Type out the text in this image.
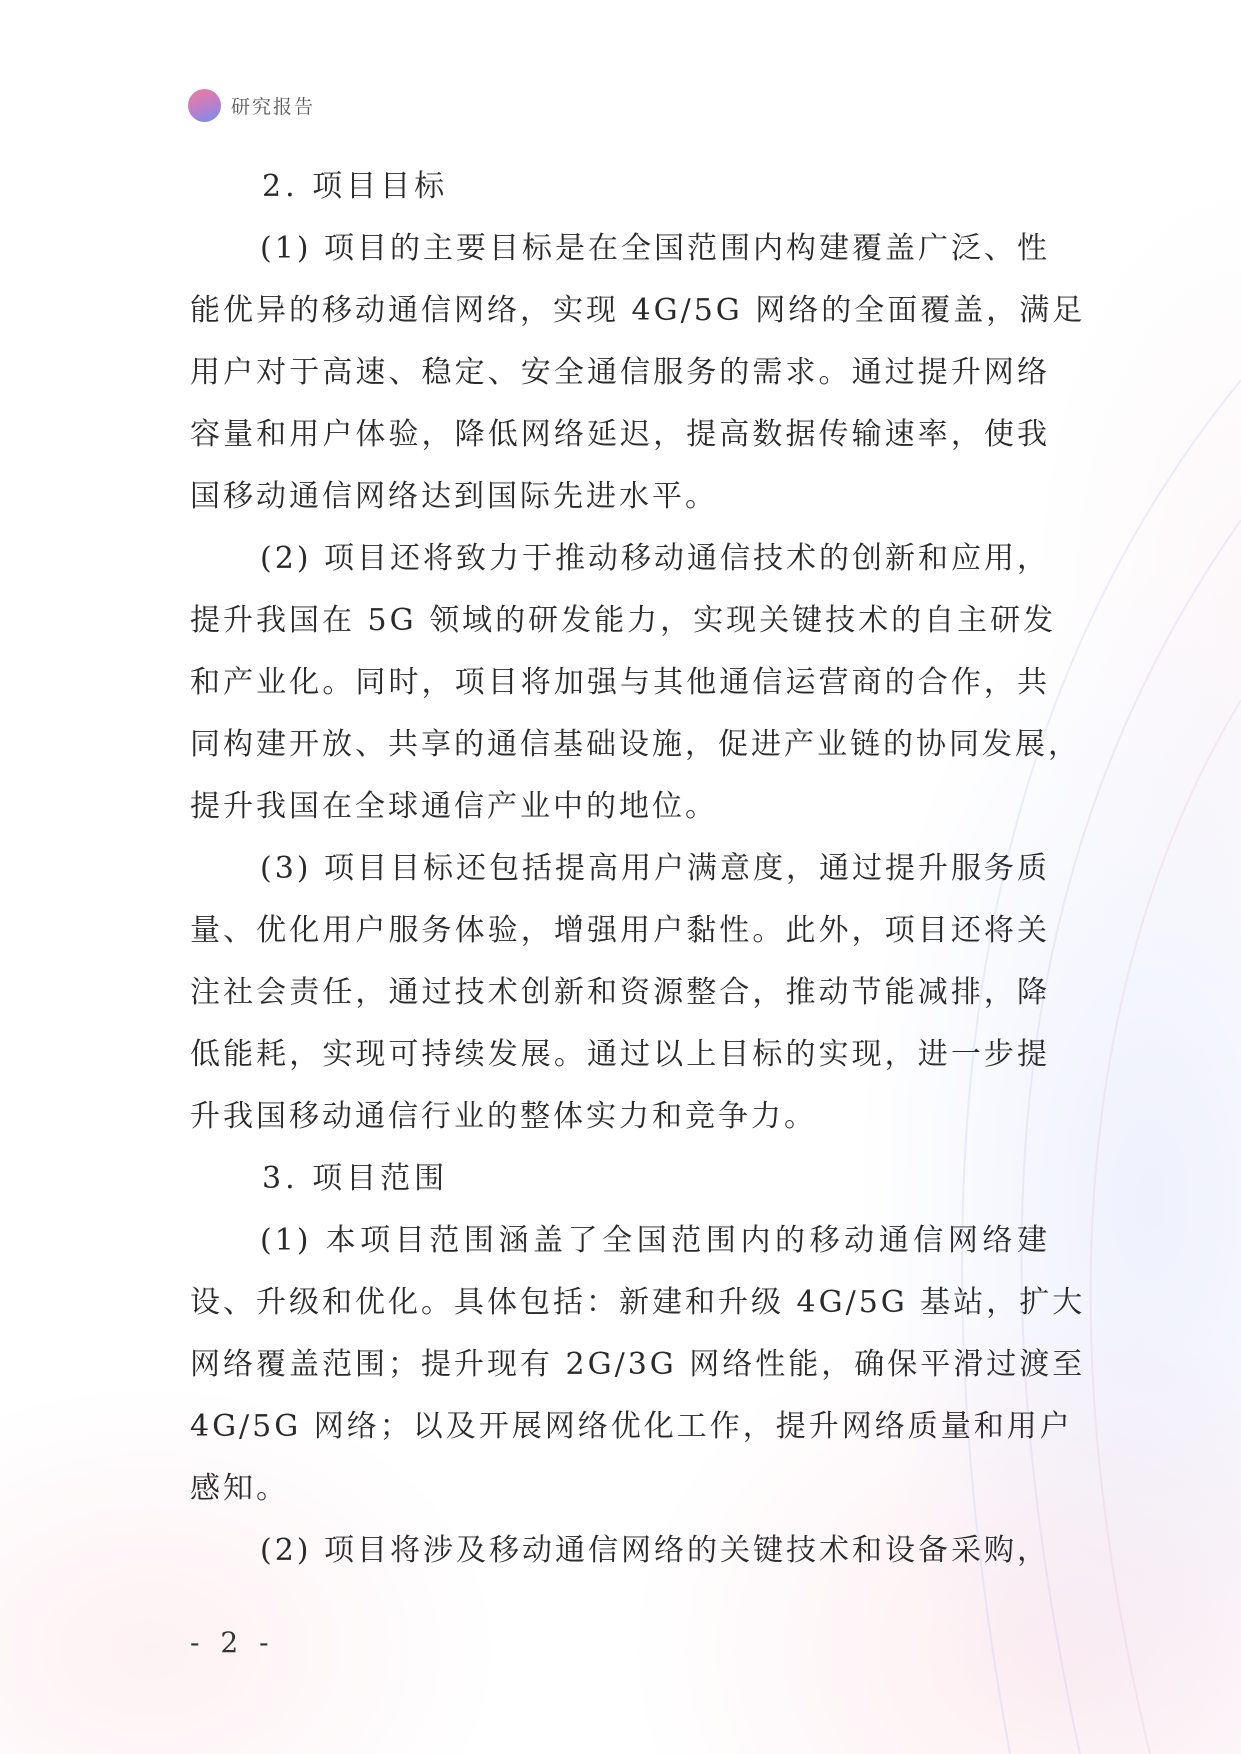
研究报告
2. 项目目标
(1) 项目的主要目标是在全国范围内构建覆盖广泛、性
能优异的移动通信网络，实现 4G/5G 网络的全面覆盖，满足
用户对于高速、稳定、安全通信服务的需求。通过提升网络
容量和用户体验，降低网络延迟，提高数据传输速率，使我
国移动通信网络达到国际先进水平。
(2) 项目还将致力于推动移动通信技术的创新和应用，
提升我国在 5G 领域的研发能力，实现关键技术的自主研发
和产业化。同时，项目将加强与其他通信运营商的合作，共
同构建开放、共享的通信基础设施，促进产业链的协同发展，
提升我国在全球通信产业中的地位。
(3) 项目目标还包括提高用户满意度，通过提升服务质
量、优化用户服务体验，增强用户黏性。此外，项目还将关
注社会责任，通过技术创新和资源整合，推动节能减排，降
低能耗，实现可持续发展。通过以上目标的实现，进一步提
升我国移动通信行业的整体实力和竞争力。
3. 项目范围
(1) 本项目范围涵盖了全国范围内的移动通信网络建
设、升级和优化。具体包括：新建和升级 4G/5G 基站，扩大
网络覆盖范围；提升现有 2G/3G 网络性能，确保平滑过渡至
4G/5G 网络；以及开展网络优化工作，提升网络质量和用户
感知。
(2) 项目将涉及移动通信网络的关键技术和设备采购，
- 2 -
